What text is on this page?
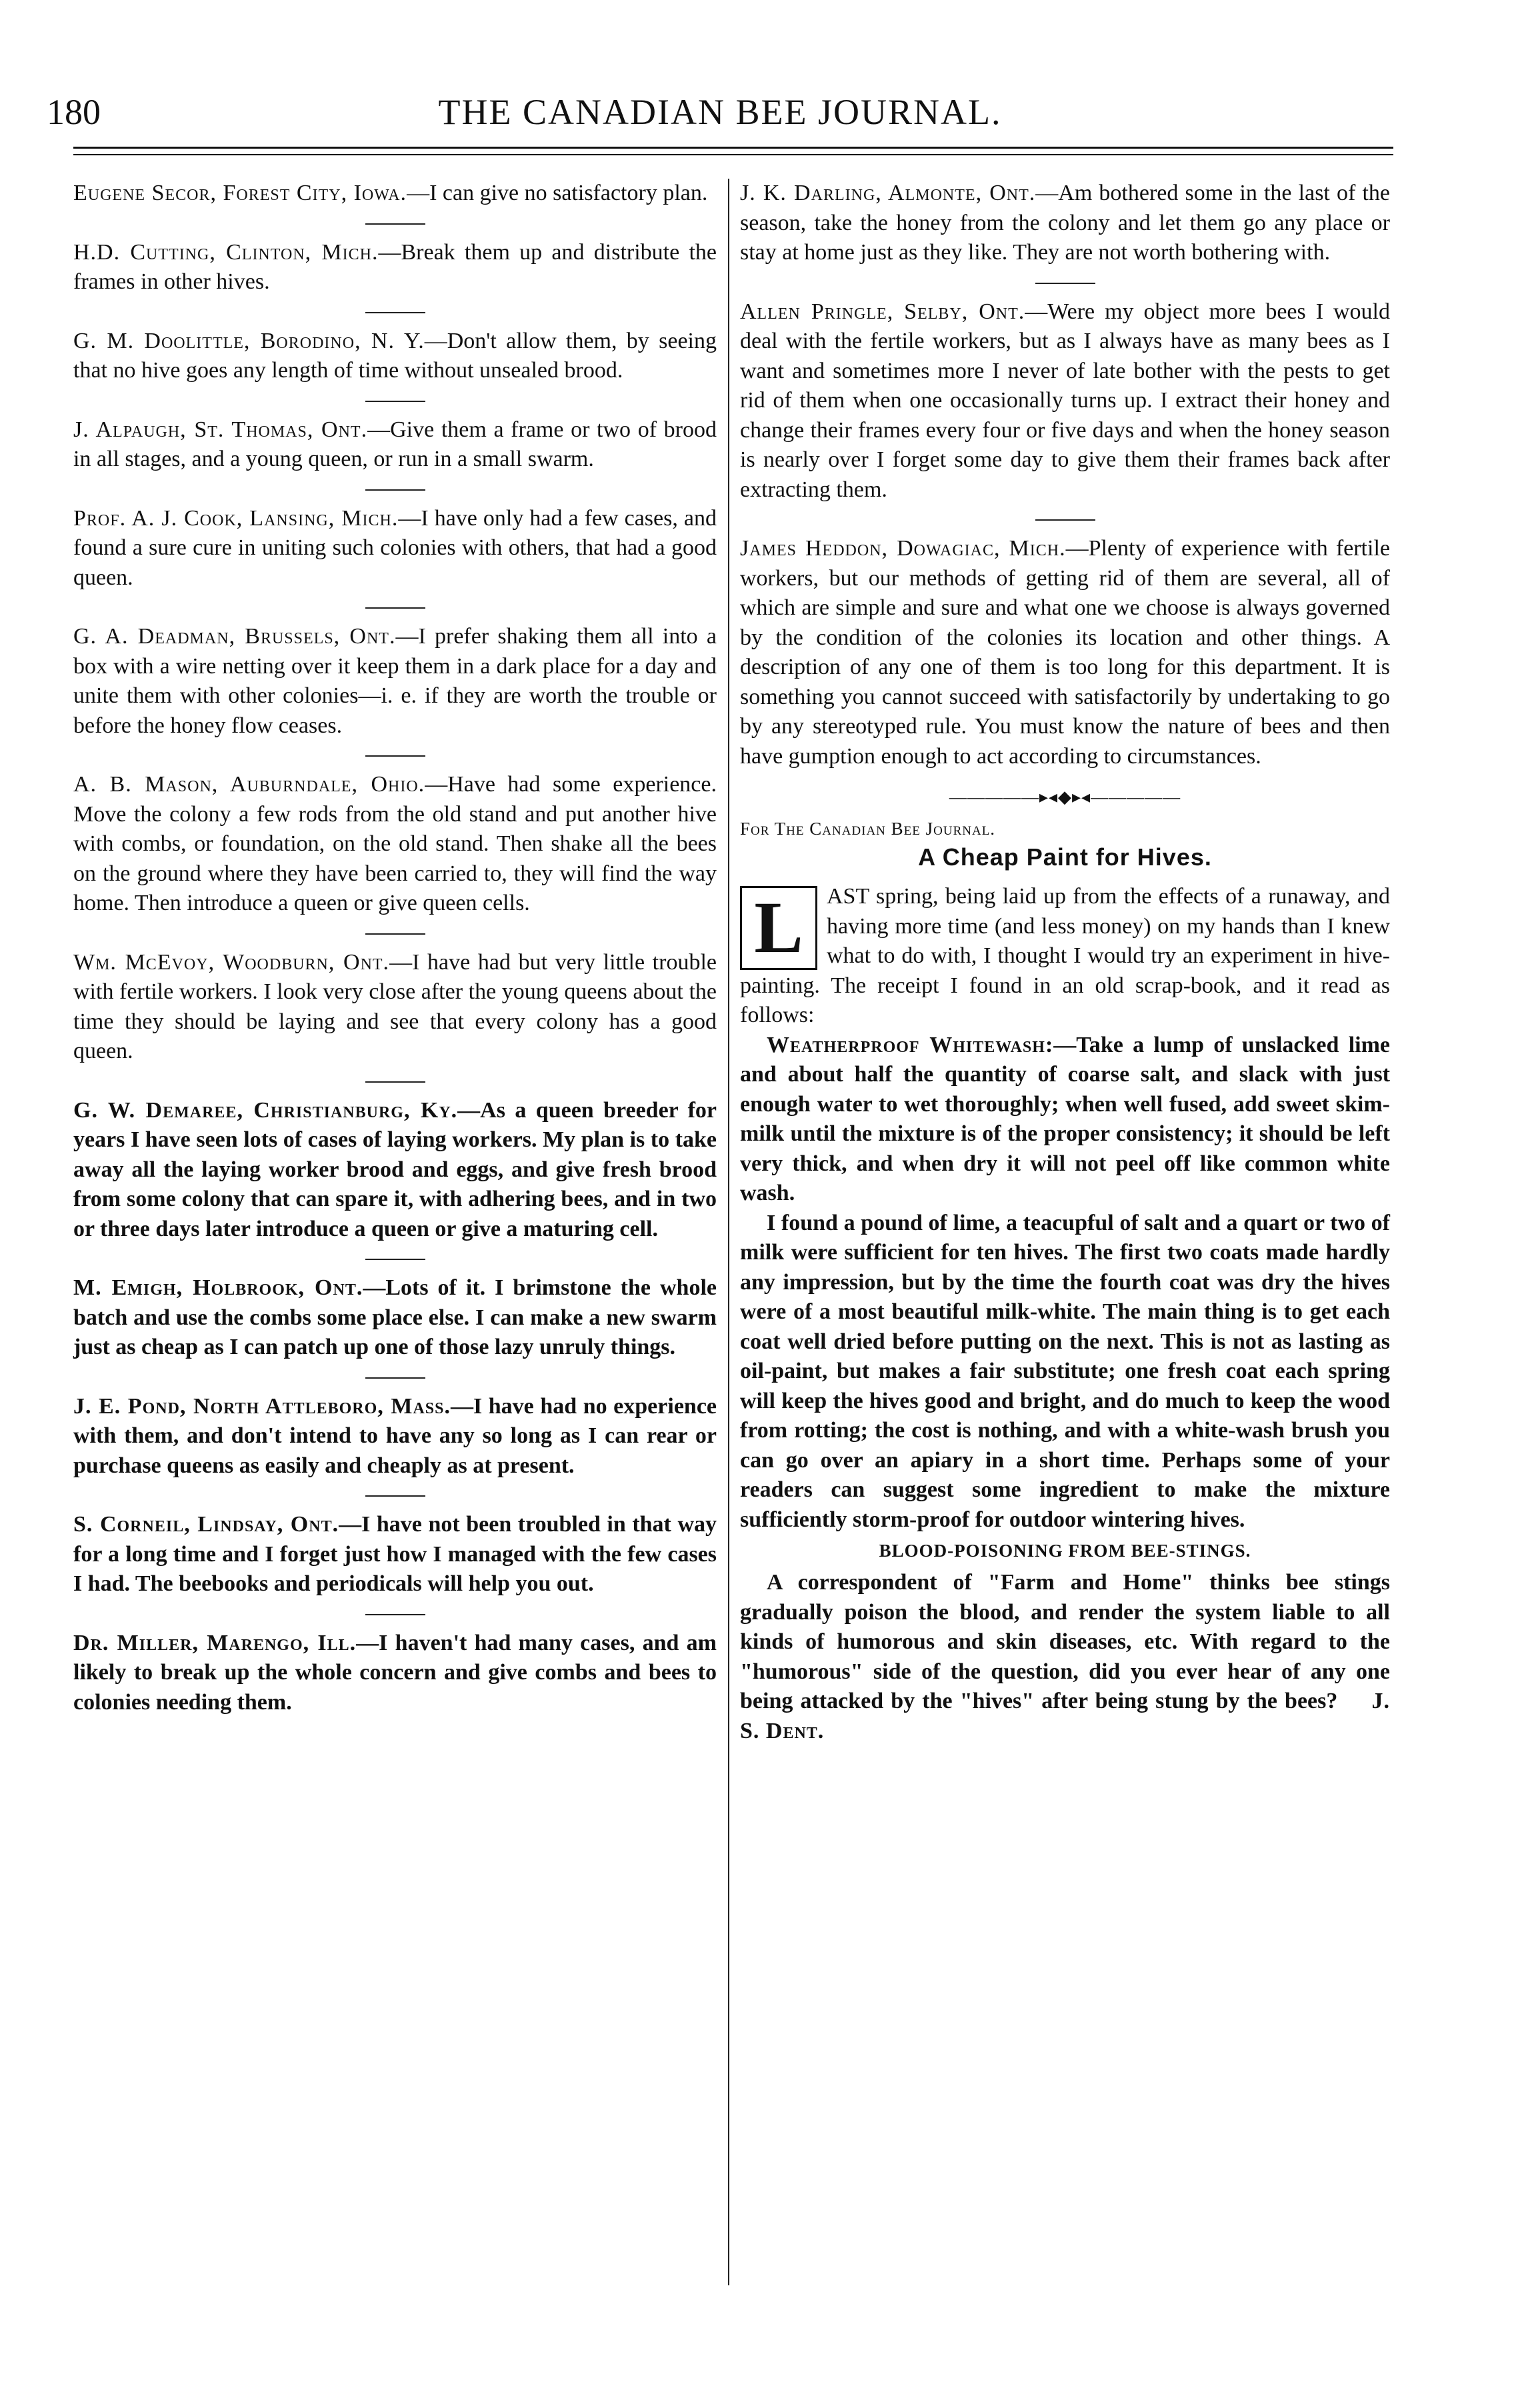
180	THE CANADIAN BEE JOURNAL.
Eugene Secor, Forest City, Iowa.—I can give no satisfactory plan.
H.D. Cutting, Clinton, Mich.—Break them up and distribute the frames in other hives.
G. M. Doolittle, Borodino, N. Y.—Don't allow them, by seeing that no hive goes any length of time without unsealed brood.
J. Alpaugh, St. Thomas, Ont.—Give them a frame or two of brood in all stages, and a young queen, or run in a small swarm.
Prof. A. J. Cook, Lansing, Mich.—I have only had a few cases, and found a sure cure in uniting such colonies with others, that had a good queen.
G. A. Deadman, Brussels, Ont.—I prefer shaking them all into a box with a wire netting over it keep them in a dark place for a day and unite them with other colonies—i. e. if they are worth the trouble or before the honey flow ceases.
A. B. Mason, Auburndale, Ohio.—Have had some experience. Move the colony a few rods from the old stand and put another hive with combs, or foundation, on the old stand. Then shake all the bees on the ground where they have been carried to, they will find the way home. Then introduce a queen or give queen cells.
Wm. McEvoy, Woodburn, Ont.—I have had but very little trouble with fertile workers. I look very close after the young queens about the time they should be laying and see that every colony has a good queen.
G. W. Demaree, Christianburg, Ky.—As a queen breeder for years I have seen lots of cases of laying workers. My plan is to take away all the laying worker brood and eggs, and give fresh brood from some colony that can spare it, with adhering bees, and in two or three days later introduce a queen or give a maturing cell.
M. Emigh, Holbrook, Ont.—Lots of it. I brimstone the whole batch and use the combs some place else. I can make a new swarm just as cheap as I can patch up one of those lazy unruly things.
J. E. Pond, North Attleboro, Mass.—I have had no experience with them, and don't intend to have any so long as I can rear or purchase queens as easily and cheaply as at present.
S. Corneil, Lindsay, Ont.—I have not been troubled in that way for a long time and I forget just how I managed with the few cases I had. The beebooks and periodicals will help you out.
Dr. Miller, Marengo, Ill.—I haven't had many cases, and am likely to break up the whole concern and give combs and bees to colonies needing them.
J. K. Darling, Almonte, Ont.—Am bothered some in the last of the season, take the honey from the colony and let them go any place or stay at home just as they like. They are not worth bothering with.
Allen Pringle, Selby, Ont.—Were my object more bees I would deal with the fertile workers, but as I always have as many bees as I want and sometimes more I never of late bother with the pests to get rid of them when one occasionally turns up. I extract their honey and change their frames every four or five days and when the honey season is nearly over I forget some day to give them their frames back after extracting them.
James Heddon, Dowagiac, Mich.—Plenty of experience with fertile workers, but our methods of getting rid of them are several, all of which are simple and sure and what one we choose is always governed by the condition of the colonies its location and other things. A description of any one of them is too long for this department. It is something you cannot succeed with satisfactorily by undertaking to go by any stereotyped rule. You must know the nature of bees and then have gumption enough to act according to circumstances.
—————▸◂◆▸◂—————
For The Canadian Bee Journal.
A Cheap Paint for Hives.
L	AST spring, being laid up from the effects of a runaway, and having more time (and less money) on my hands than I knew what to do with, I thought I would try an experiment in hive-painting. The receipt I found in an old scrap-book, and it read as follows:
Weatherproof Whitewash:—Take a lump of unslacked lime and about half the quantity of coarse salt, and slack with just enough water to wet thoroughly; when well fused, add sweet skim-milk until the mixture is of the proper consistency; it should be left very thick, and when dry it will not peel off like common white wash.
I found a pound of lime, a teacupful of salt and a quart or two of milk were sufficient for ten hives. The first two coats made hardly any impression, but by the time the fourth coat was dry the hives were of a most beautiful milk-white. The main thing is to get each coat well dried before putting on the next. This is not as lasting as oil-paint, but makes a fair substitute; one fresh coat each spring will keep the hives good and bright, and do much to keep the wood from rotting; the cost is nothing, and with a white-wash brush you can go over an apiary in a short time. Perhaps some of your readers can suggest some ingredient to make the mixture sufficiently storm-proof for outdoor wintering hives.
BLOOD-POISONING FROM BEE-STINGS.
A correspondent of "Farm and Home" thinks bee stings gradually poison the blood, and render the system liable to all kinds of humorous and skin diseases, etc. With regard to the "humorous" side of the question, did you ever hear of any one being attacked by the "hives" after being stung by the bees? J. S. Dent.
